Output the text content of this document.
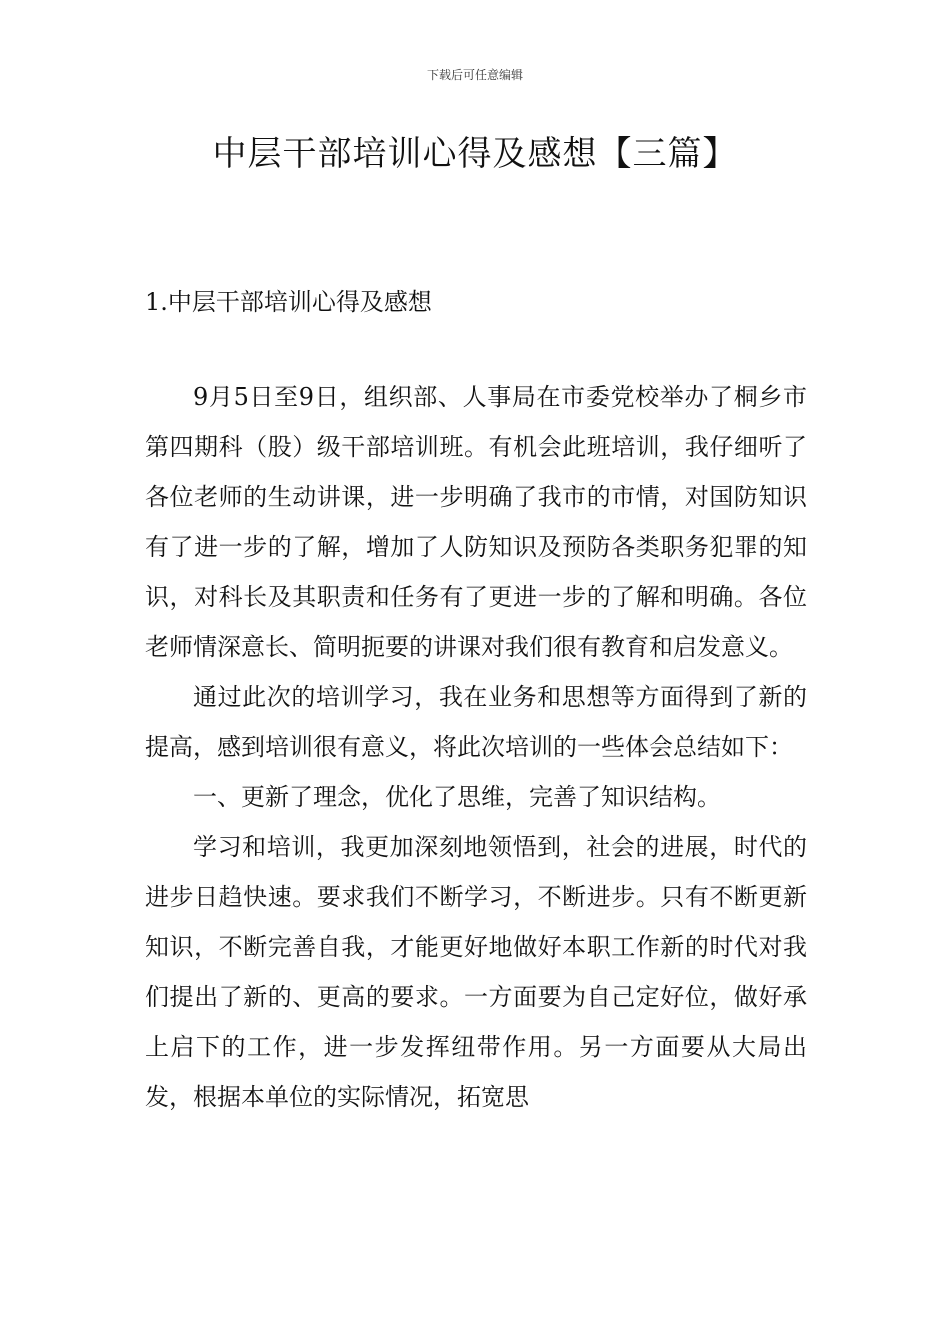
下载后可任意编辑
中层干部培训心得及感想【三篇】
1.中层干部培训心得及感想

9月5日至9日，组织部、人事局在市委党校举办了桐乡市第四期科（股）级干部培训班。有机会此班培训，我仔细听了各位老师的生动讲课，进一步明确了我市的市情，对国防知识有了进一步的了解，增加了人防知识及预防各类职务犯罪的知识，对科长及其职责和任务有了更进一步的了解和明确。各位老师情深意长、简明扼要的讲课对我们很有教育和启发意义。

通过此次的培训学习，我在业务和思想等方面得到了新的提高，感到培训很有意义，将此次培训的一些体会总结如下：

一、更新了理念，优化了思维，完善了知识结构。

学习和培训，我更加深刻地领悟到，社会的进展，时代的进步日趋快速。要求我们不断学习，不断进步。只有不断更新知识，不断完善自我，才能更好地做好本职工作新的时代对我们提出了新的、更高的要求。一方面要为自己定好位，做好承上启下的工作，进一步发挥纽带作用。另一方面要从大局出发，根据本单位的实际情况，拓宽思
